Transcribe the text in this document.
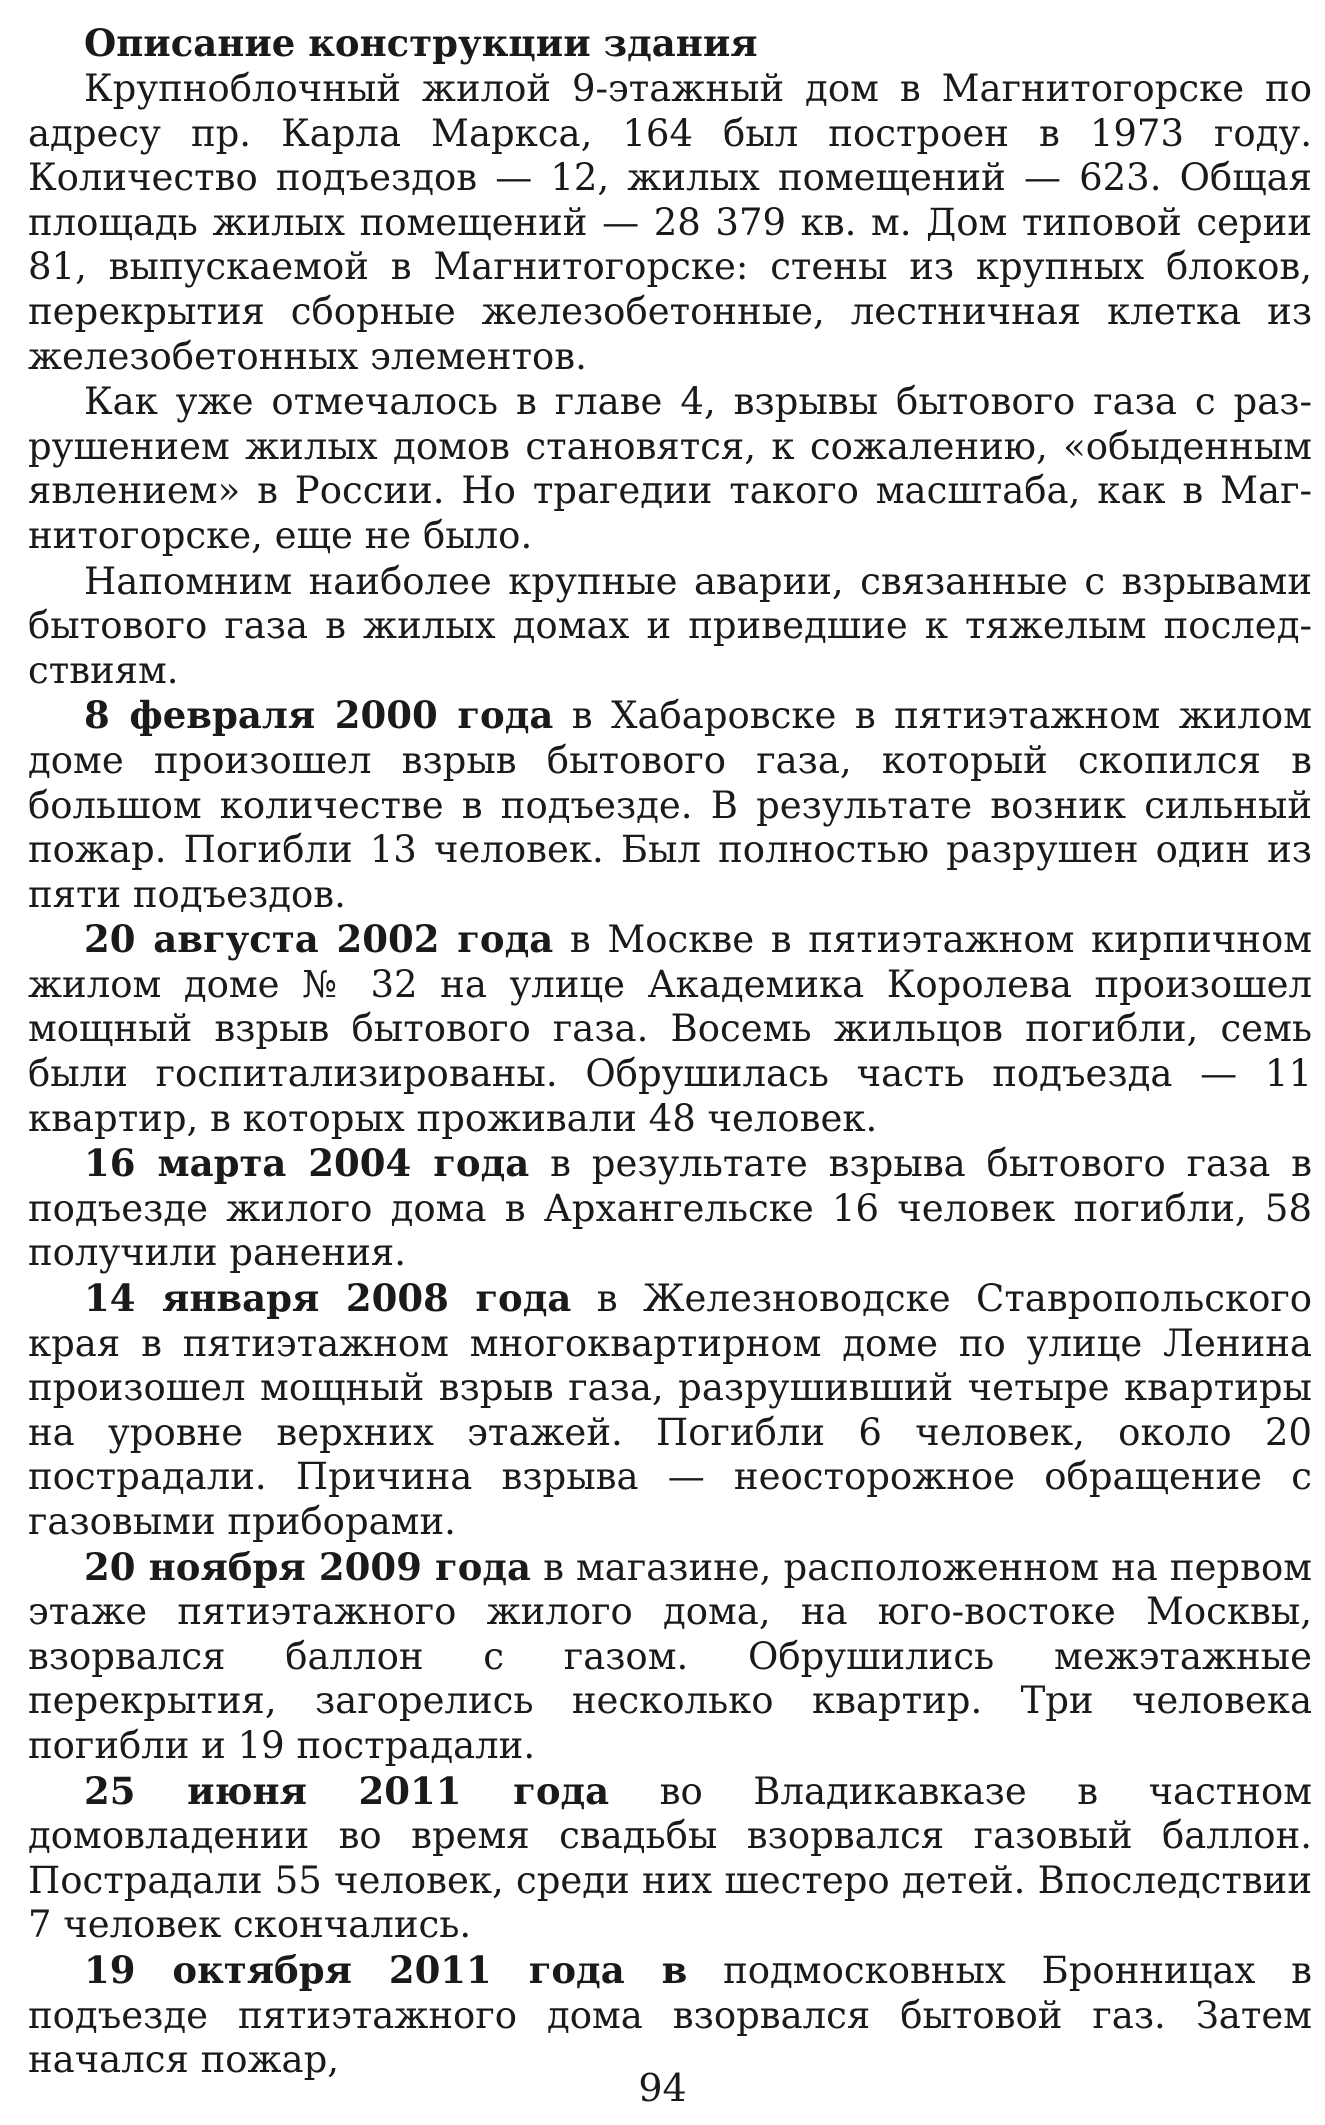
Описание конструкции здания

Крупноблочный жилой 9-этажный дом в Магнитогорске по адресу пр. Карла Маркса, 164 был построен в 1973 году. Количество подъездов — 12, жилых помещений — 623. Общая площадь жилых помещений — 28 379 кв. м. Дом типовой серии 81, выпускаемой в Магнитогорске: стены из крупных блоков, перекрытия сборные железобетонные, лестничная клетка из железобетонных элементов.

Как уже отмечалось в главе 4, взрывы бытового газа с разрушением жилых домов становятся, к сожалению, «обыденным явлением» в России. Но трагедии такого масштаба, как в Магнитогорске, еще не было.

Напомним наиболее крупные аварии, связанные с взрывами бытового газа в жилых домах и приведшие к тяжелым последствиям.

8 февраля 2000 года в Хабаровске в пятиэтажном жилом доме произошел взрыв бытового газа, который скопился в большом количестве в подъезде. В результате возник сильный пожар. Погибли 13 человек. Был полностью разрушен один из пяти подъездов.

20 августа 2002 года в Москве в пятиэтажном кирпичном жилом доме № 32 на улице Академика Королева произошел мощный взрыв бытового газа. Восемь жильцов погибли, семь были госпитализированы. Обрушилась часть подъезда — 11 квартир, в которых проживали 48 человек.

16 марта 2004 года в результате взрыва бытового газа в подъезде жилого дома в Архангельске 16 человек погибли, 58 получили ранения.

14 января 2008 года в Железноводске Ставропольского края в пятиэтажном многоквартирном доме по улице Ленина произошел мощный взрыв газа, разрушивший четыре квартиры на уровне верхних этажей. Погибли 6 человек, около 20 пострадали. Причина взрыва — неосторожное обращение с газовыми приборами.

20 ноября 2009 года в магазине, расположенном на первом этаже пятиэтажного жилого дома, на юго-востоке Москвы, взорвался баллон с газом. Обрушились межэтажные перекрытия, загорелись несколько квартир. Три человека погибли и 19 пострадали.

25 июня 2011 года во Владикавказе в частном домовладении во время свадьбы взорвался газовый баллон. Пострадали 55 человек, среди них шестеро детей. Впоследствии 7 человек скончались.

19 октября 2011 года в подмосковных Бронницах в подъезде пятиэтажного дома взорвался бытовой газ. Затем начался пожар,

94
